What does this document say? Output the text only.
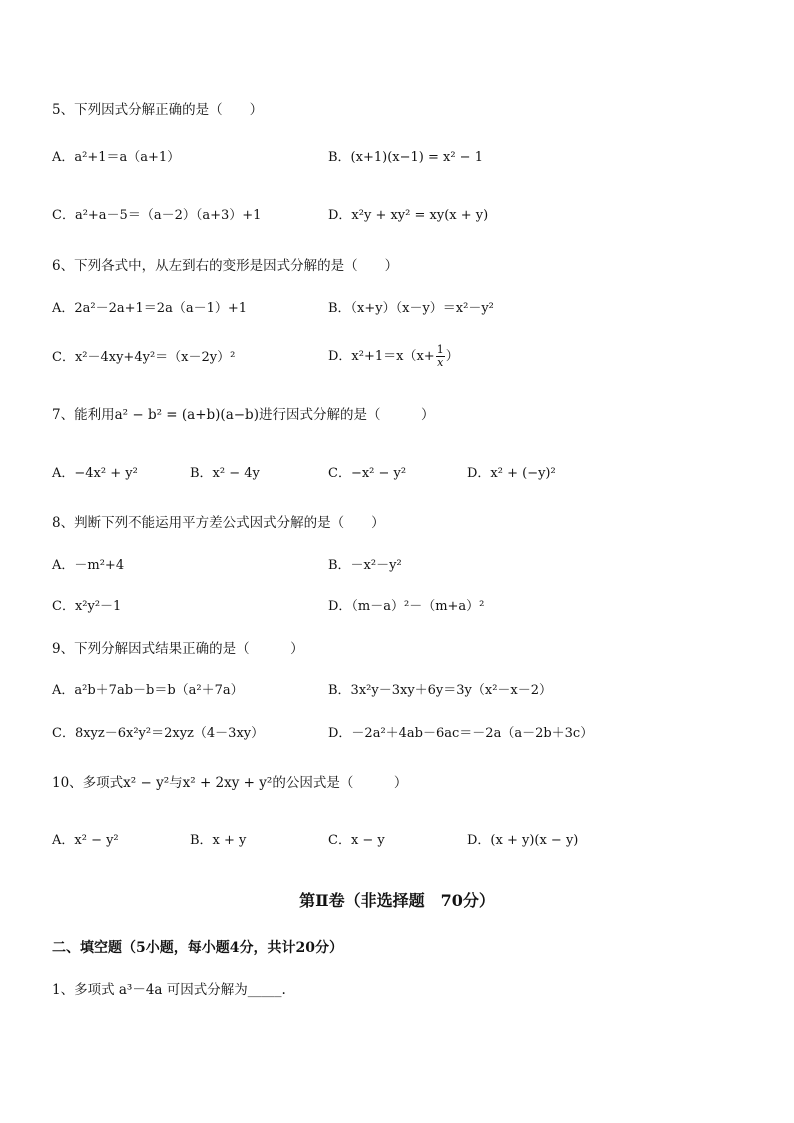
5、下列因式分解正确的是（　　）
A．a²+1＝a（a+1）	B．(x+1)(x−1) = x² − 1
C．a²+a－5＝（a－2）（a+3）+1	D．x²y + xy² = xy(x + y)
6、下列各式中，从左到右的变形是因式分解的是（　　）
A．2a²－2a+1＝2a（a－1）+1	B．（x+y）（x－y）＝x²－y²
C．x²－4xy+4y²＝（x－2y）²	D．$x^2+1=x(x+ \frac{1}{x}$ ）
7、能利用a² − b² = (a+b)(a−b)进行因式分解的是（　　　）
A．−4x² + y²	B．x² − 4y	C．−x² − y²	D．x² + (−y)²
8、判断下列不能运用平方差公式因式分解的是（　　）
A．－m²+4	B．－x²－y²
C．x²y²－1	D．（m－a）²－（m+a）²
9、下列分解因式结果正确的是（　　　）
A．a²b＋7ab－b＝b（a²＋7a）	B．3x²y－3xy＋6y＝3y（x²－x－2）
C．8xyz－6x²y²＝2xyz（4－3xy）	D．－2a²＋4ab－6ac＝－2a（a－2b＋3c）
10、多项式x² − y²与x² + 2xy + y²的公因式是（　　　）
A．x² − y²	B．x + y	C．x − y	D．(x + y)(x − y)
第Ⅱ卷（非选择题　70分）
二、填空题（5小题，每小题4分，共计20分）
1、多项式 a³－4a 可因式分解为_____.
